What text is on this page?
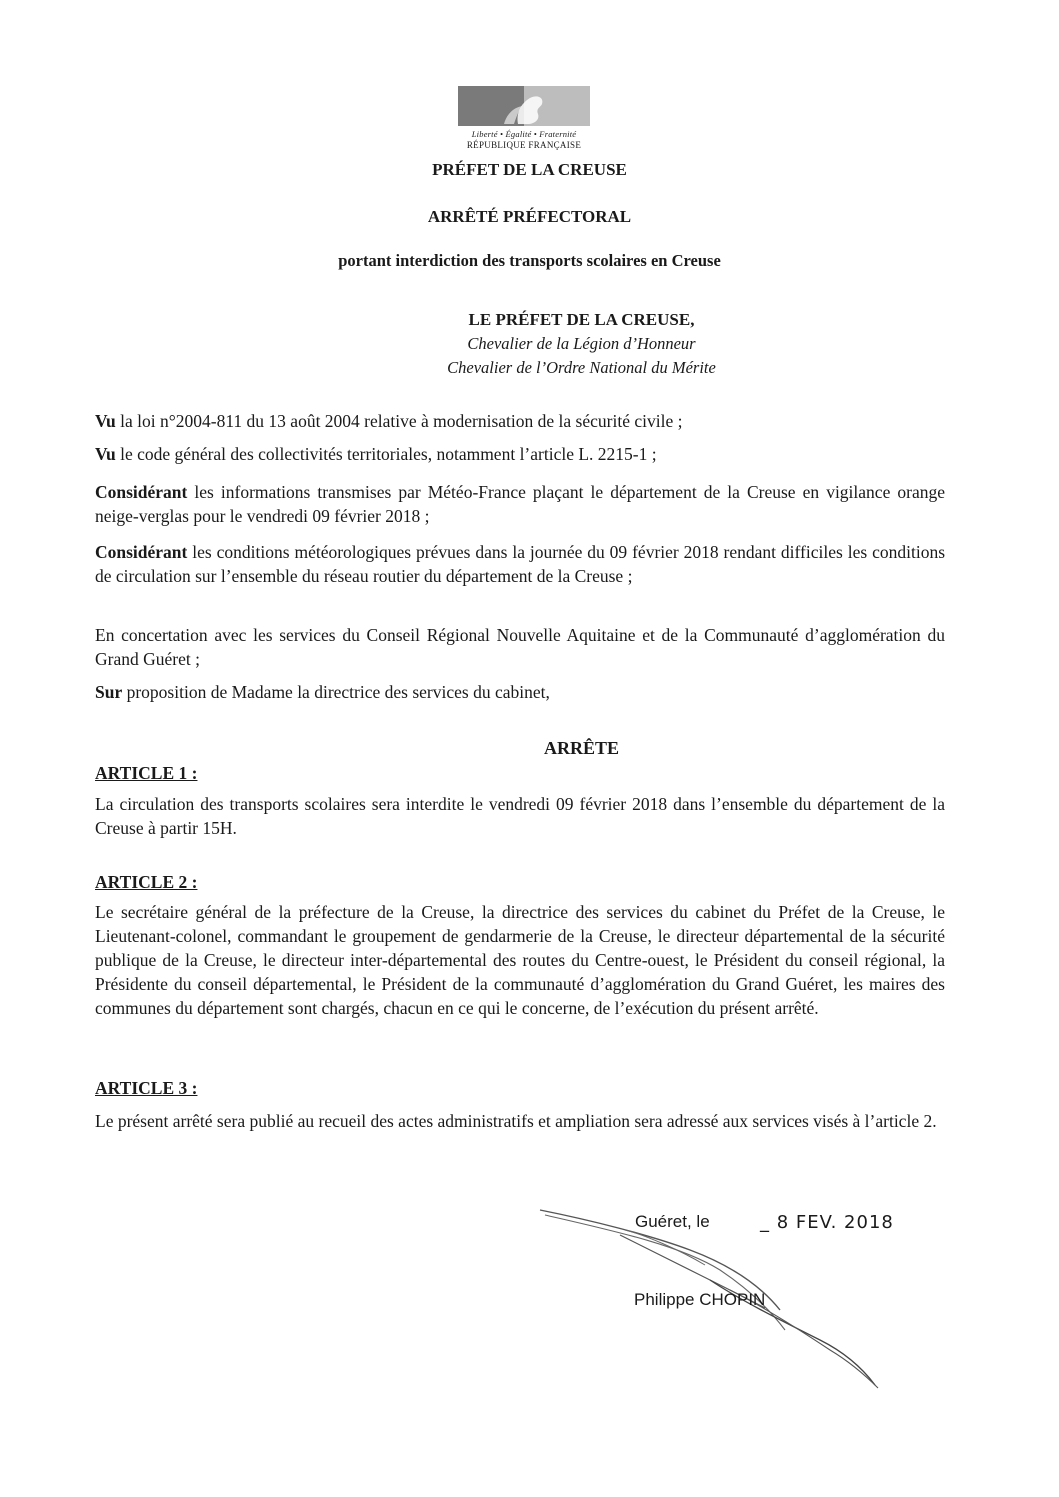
Liberté • Égalité • Fraternité
RÉPUBLIQUE FRANÇAISE
PRÉFET DE LA CREUSE
ARRÊTÉ PRÉFECTORAL
portant interdiction des transports scolaires en Creuse
LE PRÉFET DE LA CREUSE,
Chevalier de la Légion d’Honneur
Chevalier de l’Ordre National du Mérite
Vu la loi n°2004-811 du 13 août 2004 relative à modernisation de la sécurité civile ;
Vu le code général des collectivités territoriales, notamment l’article L. 2215-1 ;
Considérant les informations transmises par Météo-France plaçant le département de la Creuse en vigilance orange neige-verglas pour le vendredi 09 février 2018 ;
Considérant les conditions météorologiques prévues dans la journée du 09 février 2018 rendant difficiles les conditions de circulation sur l’ensemble du réseau routier du département de la Creuse ;
En concertation avec les services du Conseil Régional Nouvelle Aquitaine et de la Communauté d’agglomération du Grand Guéret ;
Sur proposition de Madame la directrice des services du cabinet,
ARRÊTE
ARTICLE 1 :
La circulation des transports scolaires sera interdite le vendredi 09 février 2018 dans l’ensemble du département de la Creuse à partir 15H.
ARTICLE 2 :
Le secrétaire général de la préfecture de la Creuse, la directrice des services du cabinet du Préfet de la Creuse, le Lieutenant-colonel, commandant le groupement de gendarmerie de la Creuse, le directeur départemental de la sécurité publique de la Creuse, le directeur inter-départemental des routes du Centre-ouest, le Président du conseil régional, la Présidente du conseil départemental, le Président de la communauté d’agglomération du Grand Guéret, les maires des communes du département sont chargés, chacun en ce qui le concerne, de l’exécution du présent arrêté.
ARTICLE 3 :
Le présent arrêté sera publié au recueil des actes administratifs et ampliation sera adressé aux services visés à l’article 2.
Guéret, le	_ 8 FEV. 2018
Philippe CHOPIN
